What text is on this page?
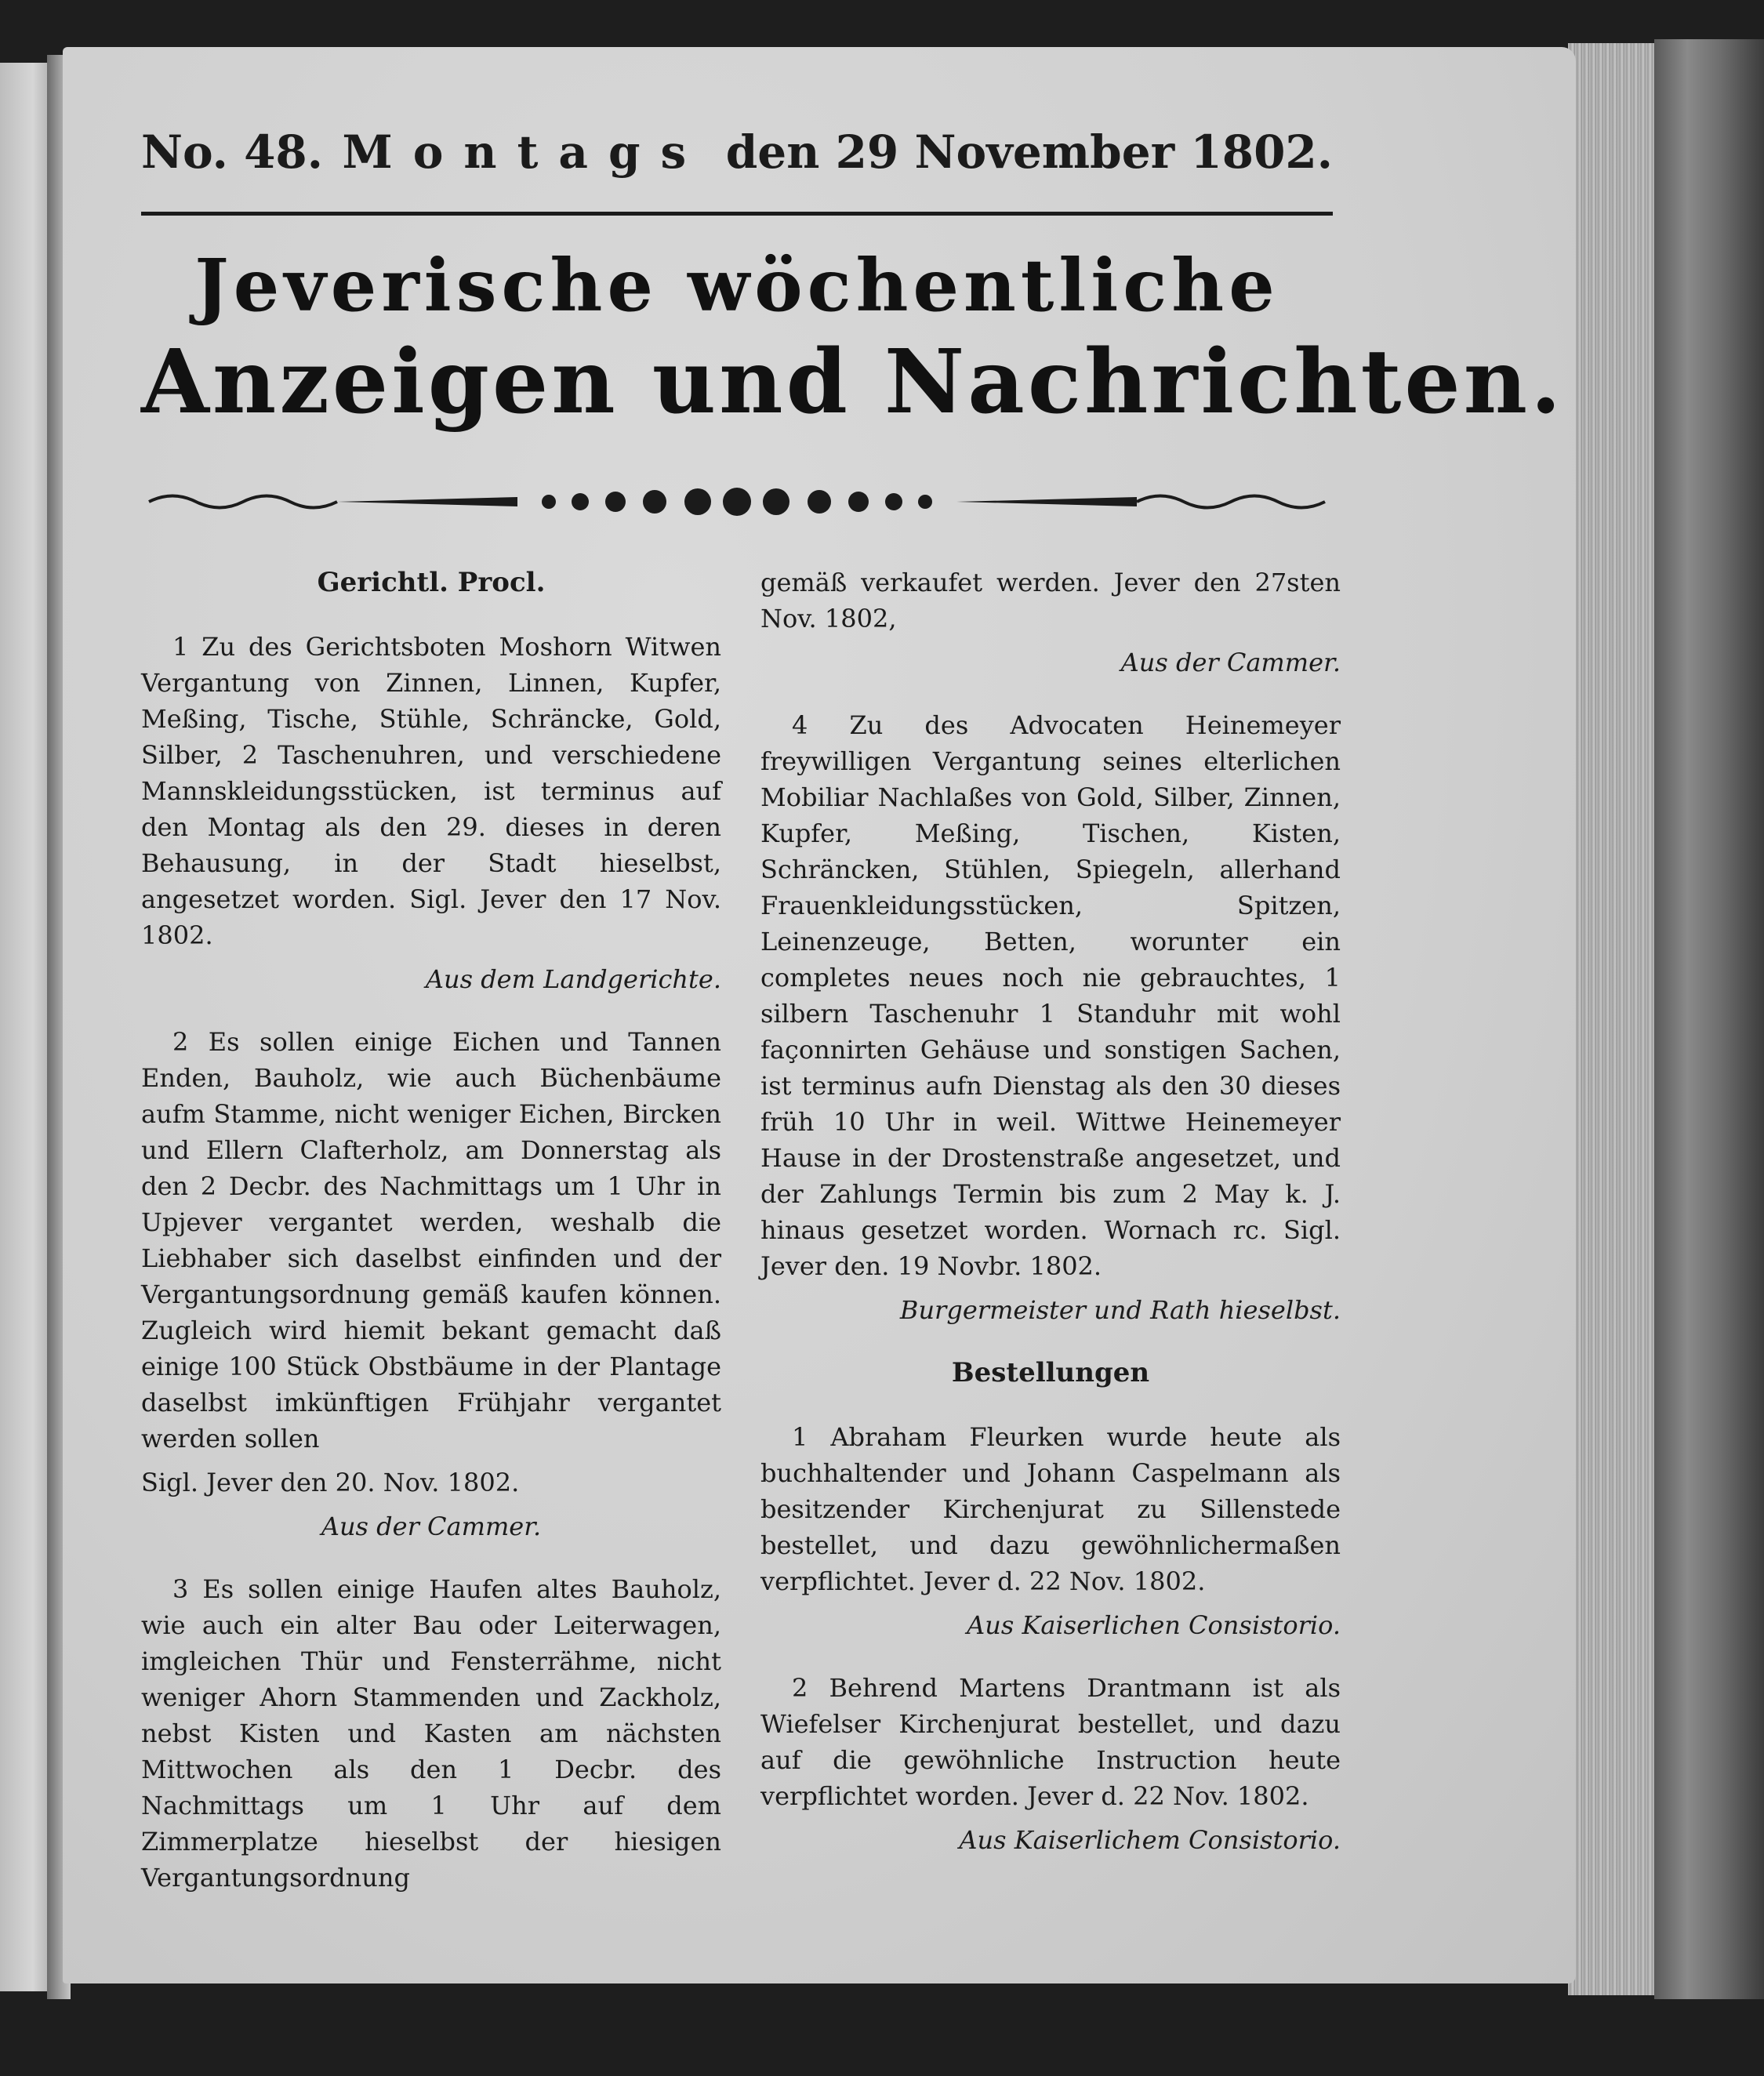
No. 48. Montags den 29 November 1802.
Jeverische wöchentliche
Anzeigen und Nachrichten.

Gerichtl. Procl.

1 Zu des Gerichtsboten Moshorn Witwen Vergantung von Zinnen, Linnen, Kupfer, Meßing, Tische, Stühle, Schräncke, Gold, Silber, 2 Taschenuhren, und verschiedene Mannskleidungsstücken, ist terminus auf den Montag als den 29. dieses in deren Behausung, in der Stadt hieselbst, angesetzet worden. Sigl. Jever den 17 Nov. 1802.

Aus dem Landgerichte.

2 Es sollen einige Eichen und Tannen Enden, Bauholz, wie auch Büchenbäume aufm Stamme, nicht weniger Eichen, Bircken und Ellern Clafterholz, am Donnerstag als den 2 Decbr. des Nachmittags um 1 Uhr in Upjever vergantet werden, weshalb die Liebhaber sich daselbst einfinden und der Vergantungsordnung gemäß kaufen können. Zugleich wird hiemit bekant gemacht daß einige 100 Stück Obstbäume in der Plantage daselbst imkünftigen Frühjahr vergantet werden sollen

Sigl. Jever den 20. Nov. 1802.

Aus der Cammer.

3 Es sollen einige Haufen altes Bauholz, wie auch ein alter Bau oder Leiterwagen, imgleichen Thür und Fensterrähme, nicht weniger Ahorn Stammenden und Zackholz, nebst Kisten und Kasten am nächsten Mittwochen als den 1 Decbr. des Nachmittags um 1 Uhr auf dem Zimmerplatze hieselbst der hiesigen Vergantungsordnung

gemäß verkaufet werden. Jever den 27sten Nov. 1802,

Aus der Cammer.

4 Zu des Advocaten Heinemeyer freywilligen Vergantung seines elterlichen Mobiliar Nachlaßes von Gold, Silber, Zinnen, Kupfer, Meßing, Tischen, Kisten, Schräncken, Stühlen, Spiegeln, allerhand Frauenkleidungsstücken, Spitzen, Leinenzeuge, Betten, worunter ein completes neues noch nie gebrauchtes, 1 silbern Taschenuhr 1 Standuhr mit wohl façonnirten Gehäuse und sonstigen Sachen, ist terminus aufn Dienstag als den 30 dieses früh 10 Uhr in weil. Wittwe Heinemeyer Hause in der Drostenstraße angesetzet, und der Zahlungs Termin bis zum 2 May k. J. hinaus gesetzet worden. Wornach rc. Sigl. Jever den. 19 Novbr. 1802.

Burgermeister und Rath hieselbst.

Bestellungen

1 Abraham Fleurken wurde heute als buchhaltender und Johann Caspelmann als besitzender Kirchenjurat zu Sillenstede bestellet, und dazu gewöhnlichermaßen verpflichtet. Jever d. 22 Nov. 1802.

Aus Kaiserlichen Consistorio.

2 Behrend Martens Drantmann ist als Wiefelser Kirchenjurat bestellet, und dazu auf die gewöhnliche Instruction heute verpflichtet worden. Jever d. 22 Nov. 1802.

Aus Kaiserlichem Consistorio.
